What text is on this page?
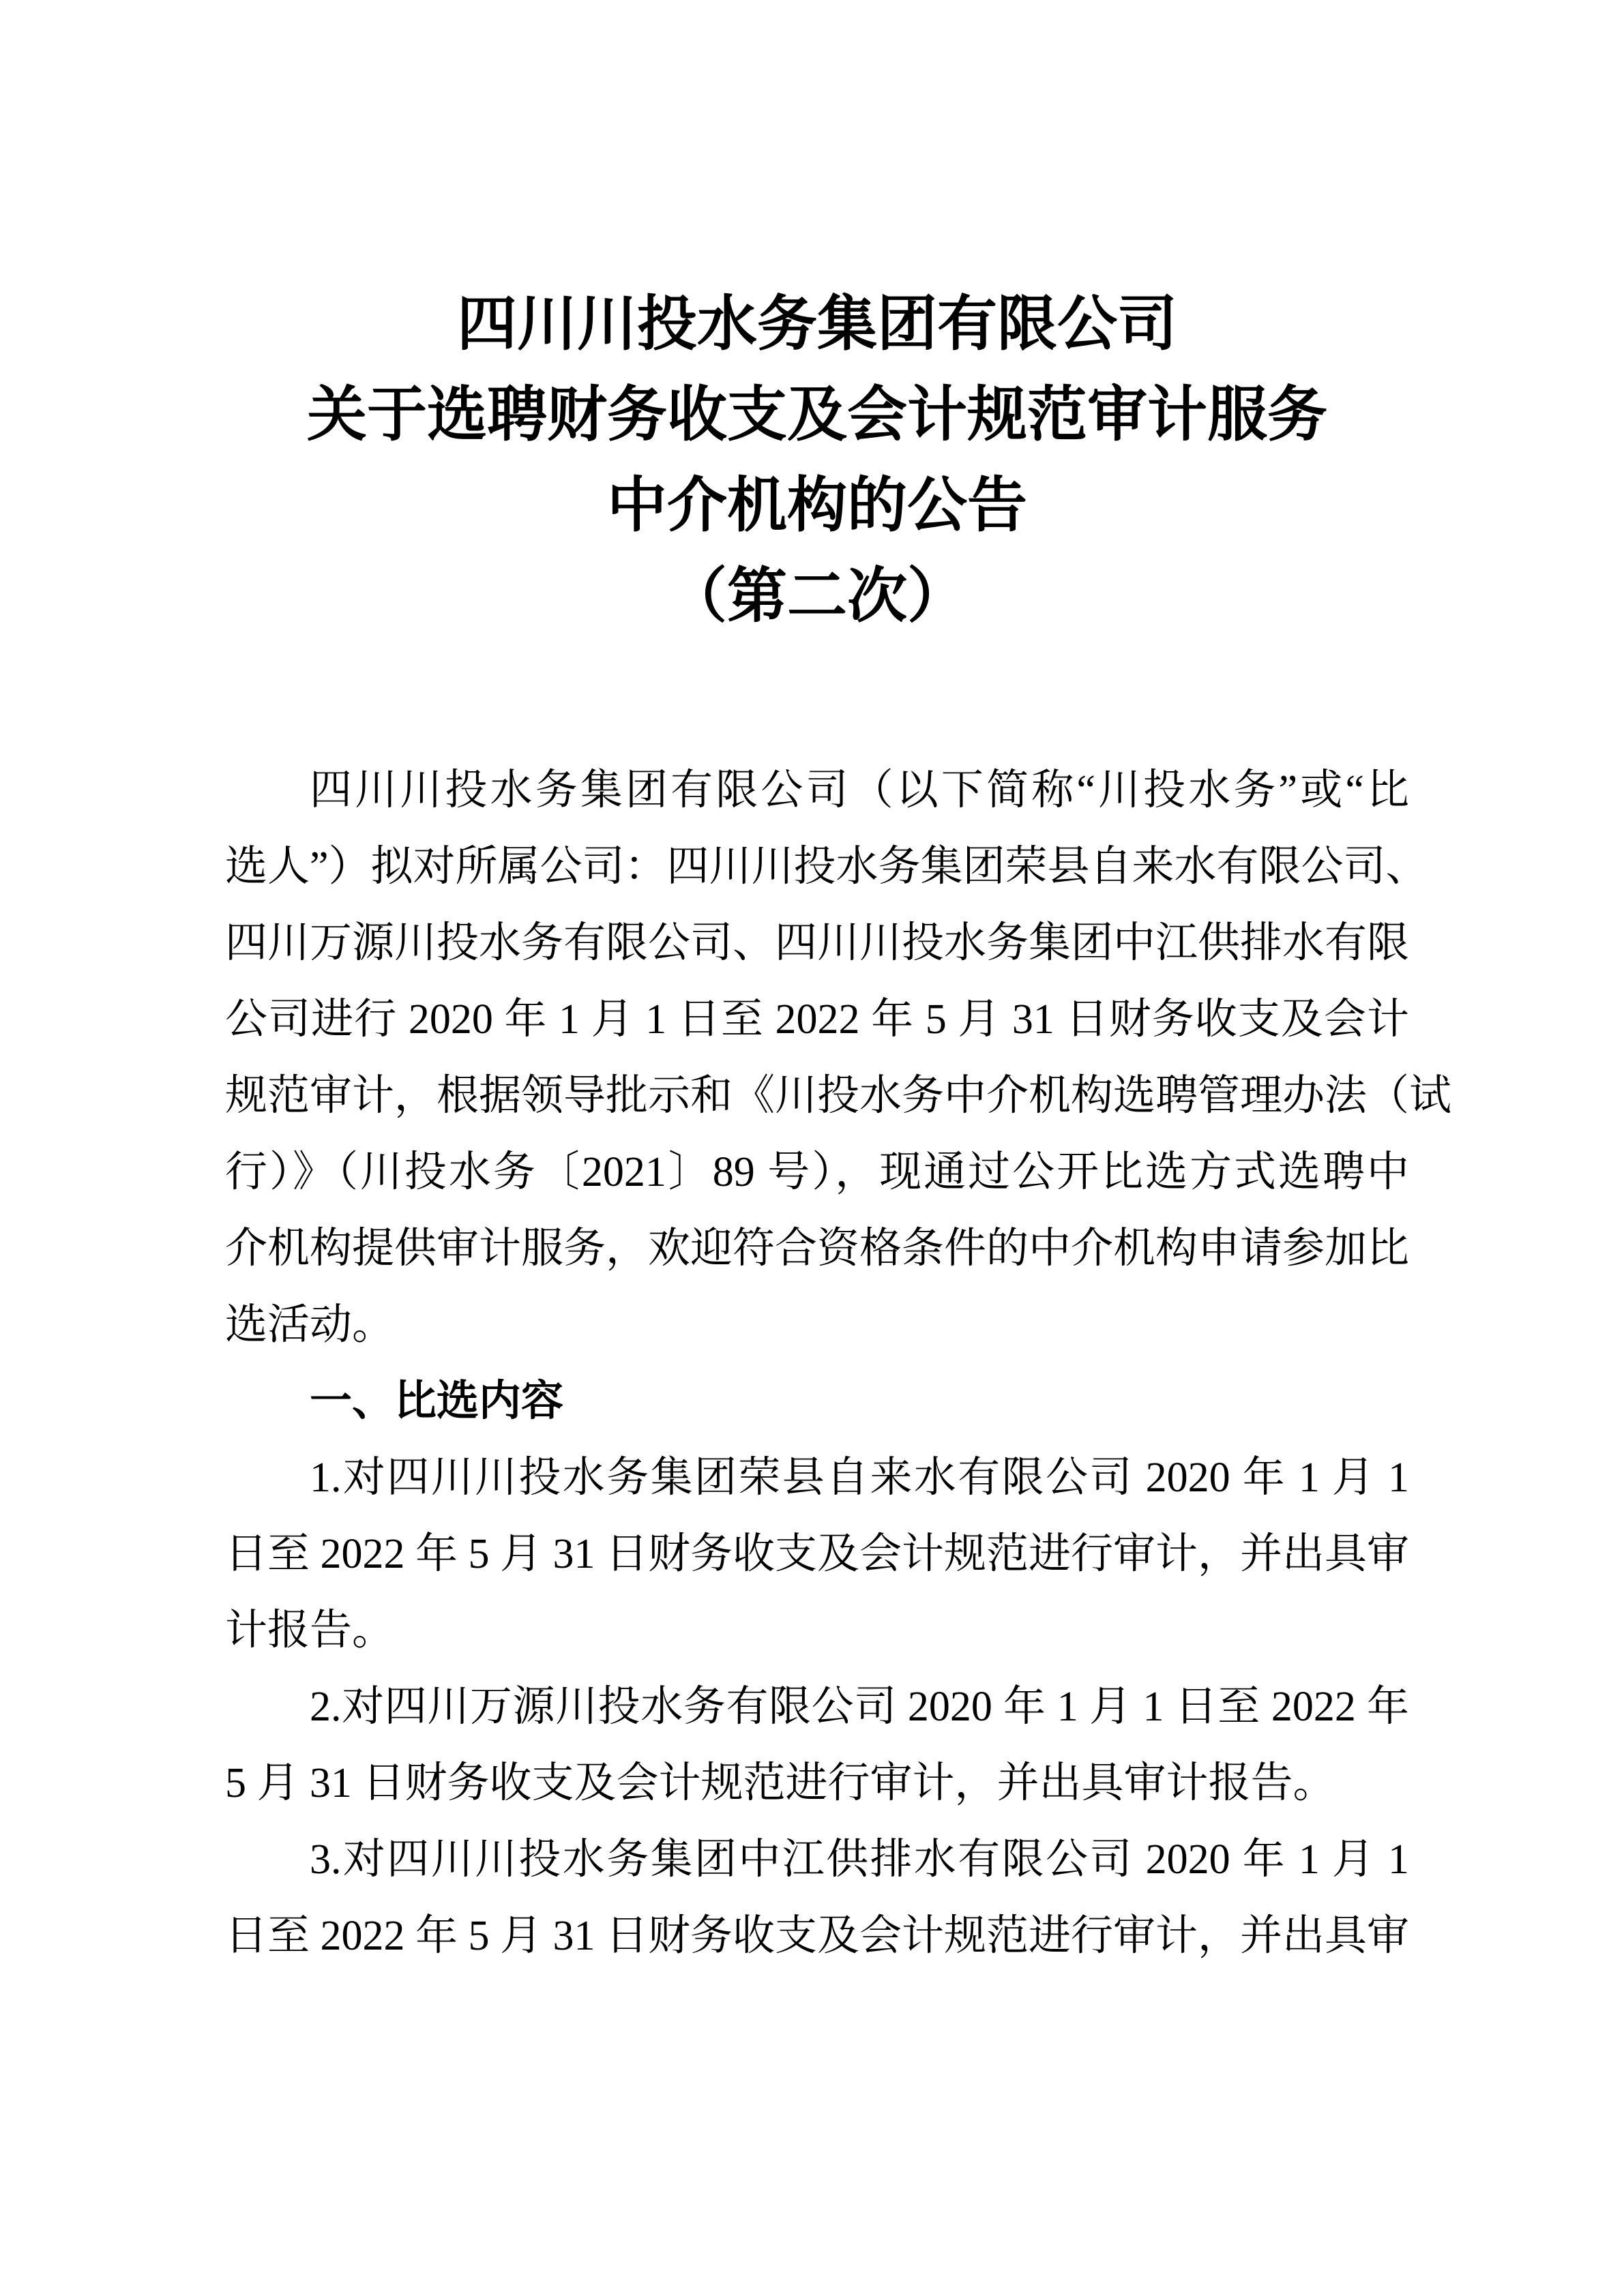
四川川投水务集团有限公司
关于选聘财务收支及会计规范审计服务
中介机构的公告
（第二次）
四川川投水务集团有限公司（以下简称“川投水务”或“比
选人”）拟对所属公司：四川川投水务集团荣县自来水有限公司、
四川万源川投水务有限公司、四川川投水务集团中江供排水有限
公司进行 2020 年 1 月 1 日至 2022 年 5 月 31 日财务收支及会计
规范审计，根据领导批示和《川投水务中介机构选聘管理办法（试
行）》（川投水务〔2021〕89 号），现通过公开比选方式选聘中
介机构提供审计服务，欢迎符合资格条件的中介机构申请参加比
选活动。
一、比选内容
1.对四川川投水务集团荣县自来水有限公司 2020 年 1 月 1
日至 2022 年 5 月 31 日财务收支及会计规范进行审计，并出具审
计报告。
2.对四川万源川投水务有限公司 2020 年 1 月 1 日至 2022 年
5 月 31 日财务收支及会计规范进行审计，并出具审计报告。
3.对四川川投水务集团中江供排水有限公司 2020 年 1 月 1
日至 2022 年 5 月 31 日财务收支及会计规范进行审计，并出具审
